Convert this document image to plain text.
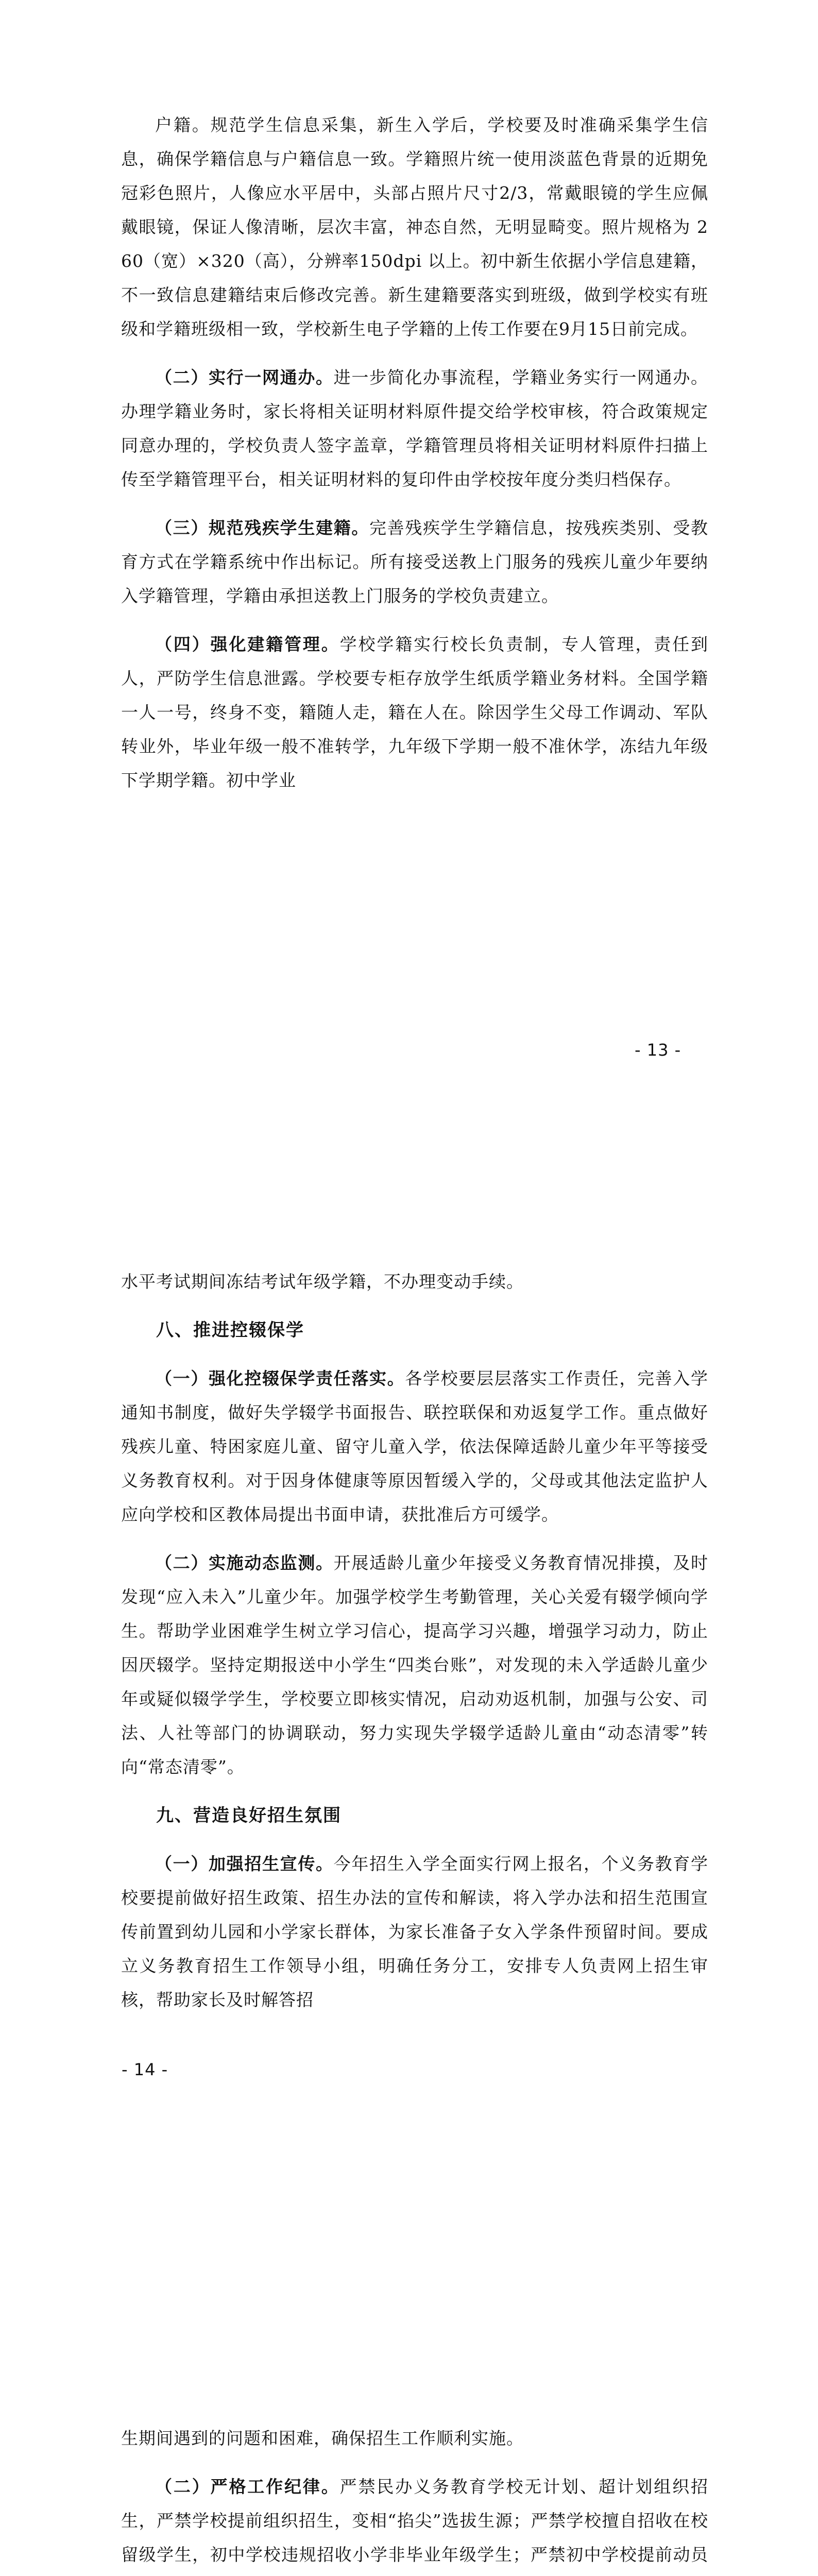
户籍。规范学生信息采集，新生入学后，学校要及时准确采集学生信息，确保学籍信息与户籍信息一致。学籍照片统一使用淡蓝色背景的近期免冠彩色照片，人像应水平居中，头部占照片尺寸2/3，常戴眼镜的学生应佩戴眼镜，保证人像清晰，层次丰富，神态自然，无明显畸变。照片规格为 260（宽）×320（高），分辨率150dpi 以上。初中新生依据小学信息建籍，不一致信息建籍结束后修改完善。新生建籍要落实到班级，做到学校实有班级和学籍班级相一致，学校新生电子学籍的上传工作要在9月15日前完成。

（二）实行一网通办。进一步简化办事流程，学籍业务实行一网通办。办理学籍业务时，家长将相关证明材料原件提交给学校审核，符合政策规定同意办理的，学校负责人签字盖章，学籍管理员将相关证明材料原件扫描上传至学籍管理平台，相关证明材料的复印件由学校按年度分类归档保存。

（三）规范残疾学生建籍。完善残疾学生学籍信息，按残疾类别、受教育方式在学籍系统中作出标记。所有接受送教上门服务的残疾儿童少年要纳入学籍管理，学籍由承担送教上门服务的学校负责建立。

（四）强化建籍管理。学校学籍实行校长负责制，专人管理，责任到人，严防学生信息泄露。学校要专柜存放学生纸质学籍业务材料。全国学籍一人一号，终身不变，籍随人走，籍在人在。除因学生父母工作调动、军队转业外，毕业年级一般不准转学，九年级下学期一般不准休学，冻结九年级下学期学籍。初中学业

- 13 -

水平考试期间冻结考试年级学籍，不办理变动手续。

八、推进控辍保学

（一）强化控辍保学责任落实。各学校要层层落实工作责任，完善入学通知书制度，做好失学辍学书面报告、联控联保和劝返复学工作。重点做好残疾儿童、特困家庭儿童、留守儿童入学，依法保障适龄儿童少年平等接受义务教育权利。对于因身体健康等原因暂缓入学的，父母或其他法定监护人应向学校和区教体局提出书面申请，获批准后方可缓学。

（二）实施动态监测。开展适龄儿童少年接受义务教育情况排摸，及时发现“应入未入”儿童少年。加强学校学生考勤管理，关心关爱有辍学倾向学生。帮助学业困难学生树立学习信心，提高学习兴趣，增强学习动力，防止因厌辍学。坚持定期报送中小学生“四类台账”，对发现的未入学适龄儿童少年或疑似辍学学生，学校要立即核实情况，启动劝返机制，加强与公安、司法、人社等部门的协调联动，努力实现失学辍学适龄儿童由“动态清零”转向“常态清零”。

九、营造良好招生氛围

（一）加强招生宣传。今年招生入学全面实行网上报名，个义务教育学校要提前做好招生政策、招生办法的宣传和解读，将入学办法和招生范围宣传前置到幼儿园和小学家长群体，为家长准备子女入学条件预留时间。要成立义务教育招生工作领导小组，明确任务分工，安排专人负责网上招生审核，帮助家长及时解答招

- 14 -

生期间遇到的问题和困难，确保招生工作顺利实施。

（二）严格工作纪律。严禁民办义务教育学校无计划、超计划组织招生，严禁学校提前组织招生，变相“掐尖”选拔生源；严禁学校擅自招收在校留级学生，初中学校违规招收小学非毕业年级学生；严禁初中学校提前动员
